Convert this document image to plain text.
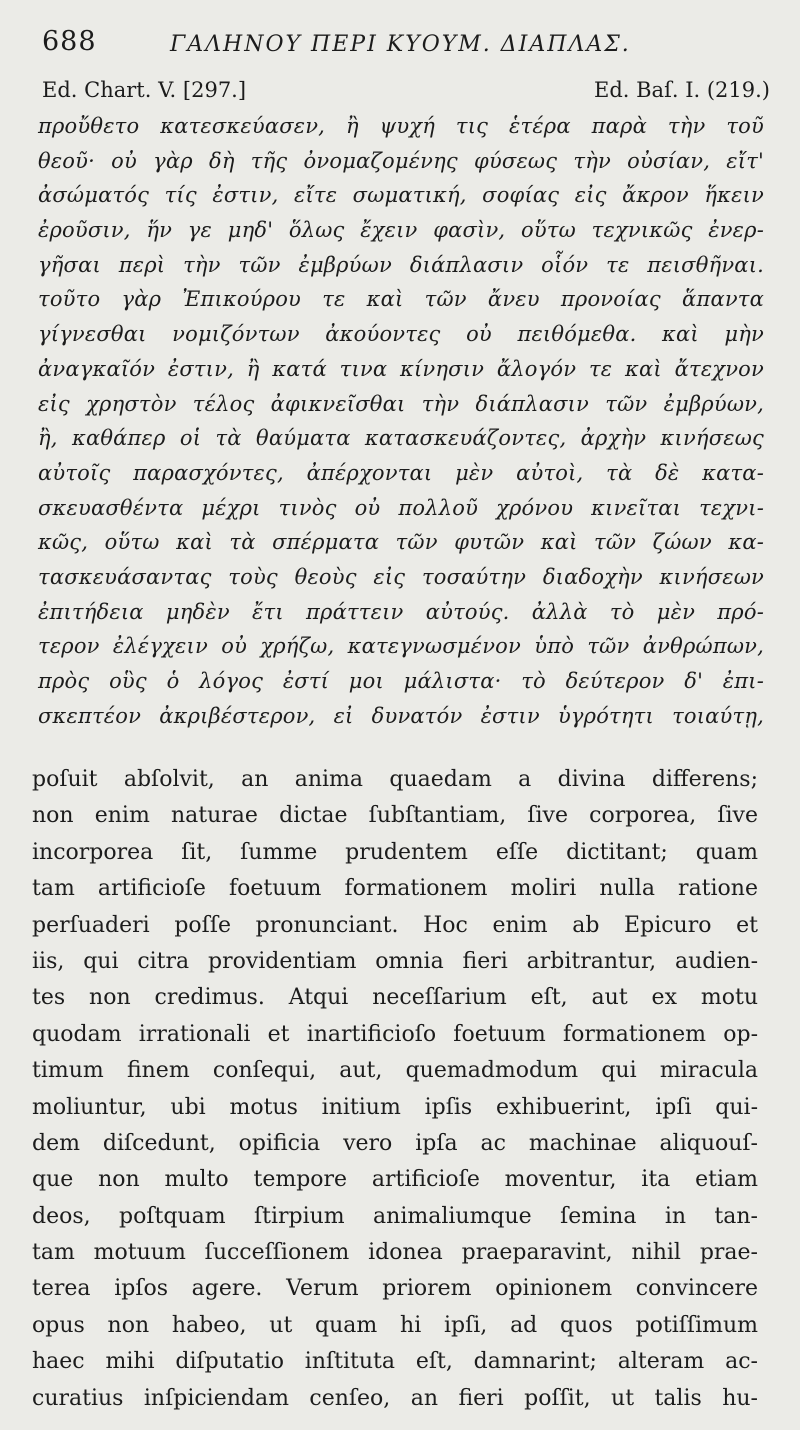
688	ΓΑΛΗΝΟΥ ΠΕΡΙ ΚΥΟΥΜ. ΔΙΑΠΛΑΣ.
Ed. Chart. V. [297.]	Ed. Baſ. I. (219.)
προὔθετο κατεσκεύασεν, ἢ ψυχή τις ἑτέρα παρὰ τὴν τοῦ
θεοῦ· οὐ γὰρ δὴ τῆς ὀνομαζομένης φύσεως τὴν οὐσίαν, εἴτ'
ἀσώματός τίς ἐστιν, εἴτε σωματική, σοφίας εἰς ἄκρον ἥκειν
ἐροῦσιν, ἥν γε μηδ' ὅλως ἔχειν φασὶν, οὕτω τεχνικῶς ἐνερ-
γῆσαι περὶ τὴν τῶν ἐμβρύων διάπλασιν οἷόν τε πεισθῆναι.
τοῦτο γὰρ Ἐπικούρου τε καὶ τῶν ἄνευ προνοίας ἅπαντα
γίγνεσθαι νομιζόντων ἀκούοντες οὐ πειθόμεθα. καὶ μὴν
ἀναγκαῖόν ἐστιν, ἢ κατά τινα κίνησιν ἄλογόν τε καὶ ἄτεχνον
εἰς χρηστὸν τέλος ἀφικνεῖσθαι τὴν διάπλασιν τῶν ἐμβρύων,
ἢ, καθάπερ οἱ τὰ θαύματα κατασκευάζοντες, ἀρχὴν κινήσεως
αὐτοῖς παρασχόντες, ἀπέρχονται μὲν αὐτοὶ, τὰ δὲ κατα-
σκευασθέντα μέχρι τινὸς οὐ πολλοῦ χρόνου κινεῖται τεχνι-
κῶς, οὕτω καὶ τὰ σπέρματα τῶν φυτῶν καὶ τῶν ζώων κα-
τασκευάσαντας τοὺς θεοὺς εἰς τοσαύτην διαδοχὴν κινήσεων
ἐπιτήδεια μηδὲν ἔτι πράττειν αὐτούς. ἀλλὰ τὸ μὲν πρό-
τερον ἐλέγχειν οὐ χρήζω, κατεγνωσμένον ὑπὸ τῶν ἀνθρώπων,
πρὸς οὓς ὁ λόγος ἐστί μοι μάλιστα· τὸ δεύτερον δ' ἐπι-
σκεπτέον ἀκριβέστερον, εἰ δυνατόν ἐστιν ὑγρότητι τοιαύτῃ,
poſuit abſolvit, an anima quaedam a divina differens;
non enim naturae dictae ſubſtantiam, ſive corporea, ſive
incorporea ſit, ſumme prudentem eſſe dictitant; quam
tam artificioſe foetuum formationem moliri nulla ratione
perſuaderi poſſe pronunciant. Hoc enim ab Epicuro et
iis, qui citra providentiam omnia fieri arbitrantur, audien-
tes non credimus. Atqui neceſſarium eſt, aut ex motu
quodam irrationali et inartificioſo foetuum formationem op-
timum finem conſequi, aut, quemadmodum qui miracula
moliuntur, ubi motus initium ipſis exhibuerint, ipſi qui-
dem diſcedunt, opificia vero ipſa ac machinae aliquouſ-
que non multo tempore artificioſe moventur, ita etiam
deos, poſtquam ſtirpium animaliumque ſemina in tan-
tam motuum ſucceſſionem idonea praeparavint, nihil prae-
terea ipſos agere. Verum priorem opinionem convincere
opus non habeo, ut quam hi ipſi, ad quos potiſſimum
haec mihi diſputatio inſtituta eſt, damnarint; alteram ac-
curatius inſpiciendam cenſeo, an fieri poſſit, ut talis hu-
